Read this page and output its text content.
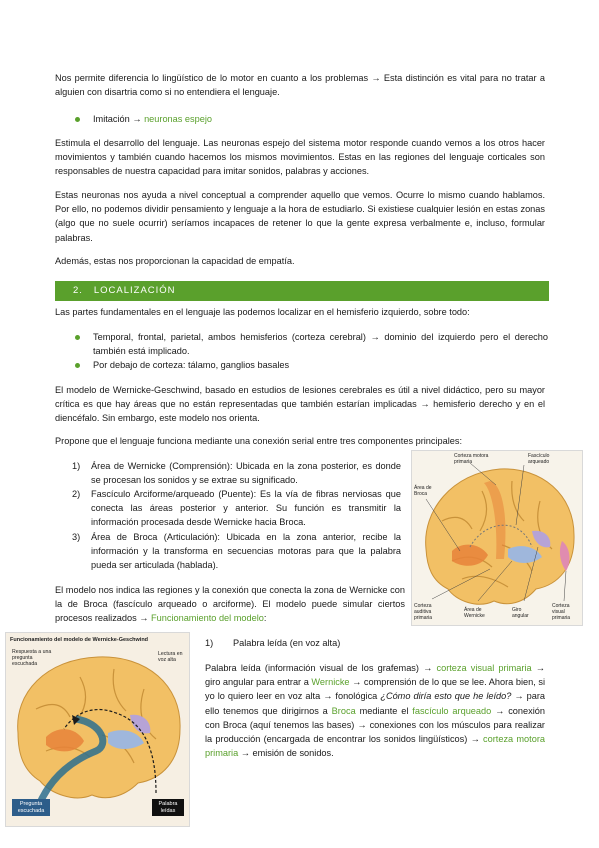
Nos permite diferencia lo lingüístico de lo motor en cuanto a los problemas → Esta distinción es vital para no tratar a alguien con disartria como si no entendiera el lenguaje.
Imitación → neuronas espejo
Estimula el desarrollo del lenguaje. Las neuronas espejo del sistema motor responde cuando vemos a los otros hacer movimientos y también cuando hacemos los mismos movimientos. Estas en las regiones del lenguaje corticales son responsables de nuestra capacidad para imitar sonidos, palabras y acciones.
Estas neuronas nos ayuda a nivel conceptual a comprender aquello que vemos. Ocurre lo mismo cuando hablamos. Por ello, no podemos dividir pensamiento y lenguaje a la hora de estudiarlo. Si existiese cualquier lesión en estas zonas (algo que no suele ocurrir) seríamos incapaces de retener lo que la gente expresa verbalmente e, incluso, formular palabras.
Además, estas nos proporcionan la capacidad de empatía.
2. LOCALIZACIÓN
Las partes fundamentales en el lenguaje las podemos localizar en el hemisferio izquierdo, sobre todo:
Temporal, frontal, parietal, ambos hemisferios (corteza cerebral) → dominio del izquierdo pero el derecho también está implicado.
Por debajo de corteza: tálamo, ganglios basales
El modelo de Wernicke-Geschwind, basado en estudios de lesiones cerebrales es útil a nivel didáctico, pero su mayor crítica es que hay áreas que no están representadas que también estarían implicadas → hemisferio derecho y en el diencéfalo. Sin embargo, este modelo nos orienta.
Propone que el lenguaje funciona mediante una conexión serial entre tres componentes principales:
1) Área de Wernicke (Comprensión): Ubicada en la zona posterior, es donde se procesan los sonidos y se extrae su significado.
2) Fascículo Arciforme/arqueado (Puente): Es la vía de fibras nerviosas que conecta las áreas posterior y anterior. Su función es transmitir la información procesada desde Wernicke hacia Broca.
3) Área de Broca (Articulación): Ubicada en la zona anterior, recibe la información y la transforma en secuencias motoras para que la palabra pueda ser articulada (hablada).
Corteza motora primaria
Fascículo arqueado
Área de Broca
Corteza auditiva primaria
Área de Wernicke
Giro angular
Corteza visual primaria
El modelo nos indica las regiones y la conexión que conecta la zona de Wernicke con la de Broca (fascículo arqueado o arciforme). El modelo puede simular ciertos procesos realizados → Funcionamiento del modelo:
Funcionamiento del modelo de Wernicke-Geschwind
Respuesta a una pregunta escuchada
Lectura en voz alta
Pregunta escuchada
Palabra leídas
1) Palabra leída (en voz alta)
Palabra leída (información visual de los grafemas) → corteza visual primaria → giro angular para entrar a Wernicke → comprensión de lo que se lee. Ahora bien, si yo lo quiero leer en voz alta → fonológica ¿Cómo diría esto que he leído? → para ello tenemos que dirigirnos a Broca mediante el fascículo arqueado → conexión con Broca (aquí tenemos las bases) → conexiones con los músculos para realizar la producción (encargada de encontrar los sonidos lingüísticos) → corteza motora primaria → emisión de sonidos.
